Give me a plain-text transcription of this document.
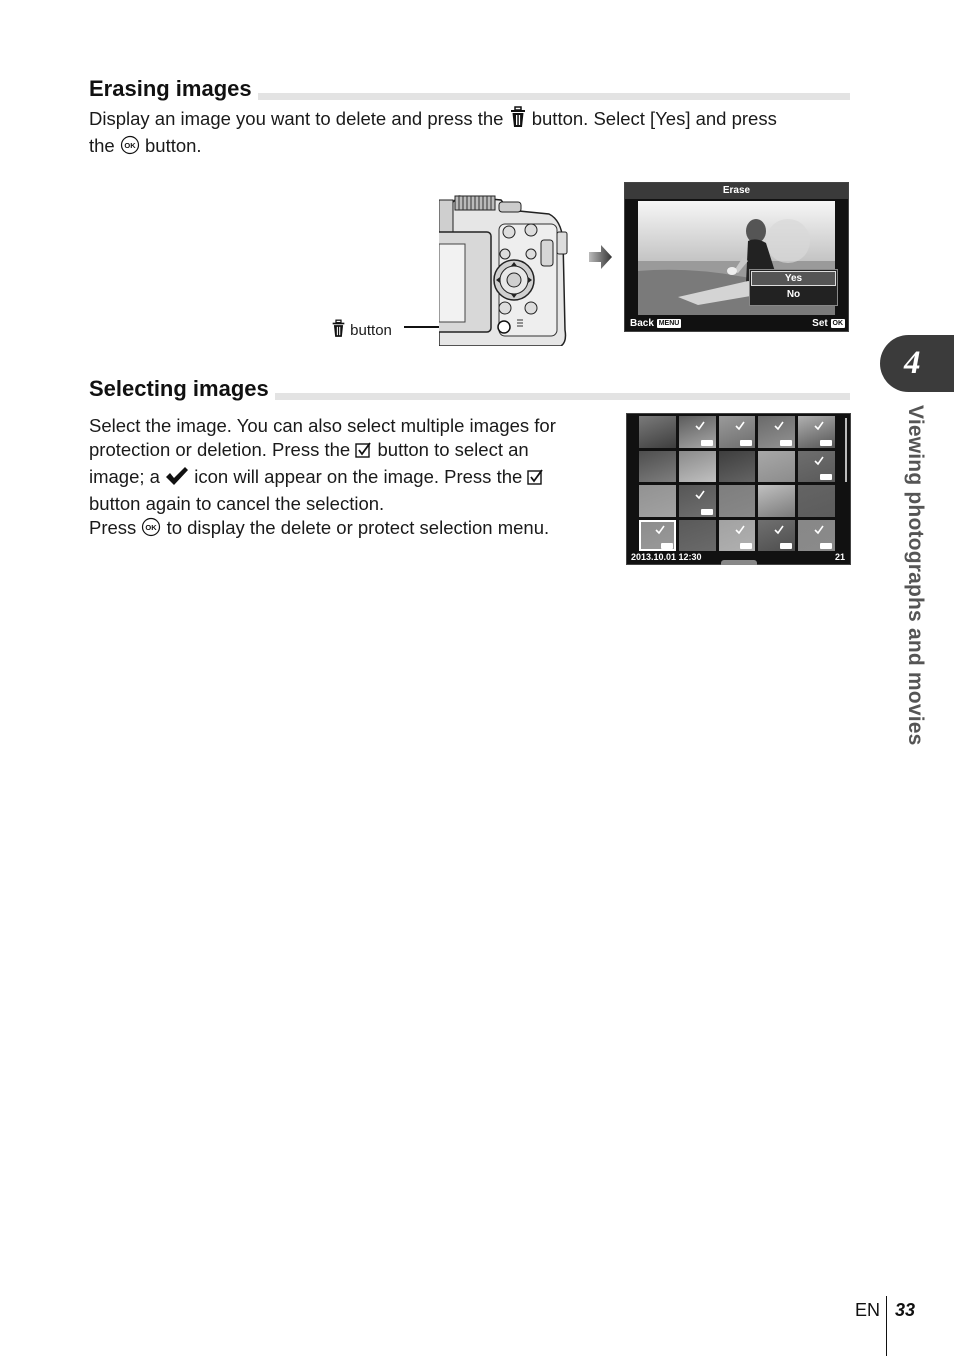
Erasing images
Display an image you want to delete and press the button. Select [Yes] and press
the OK button.
button
Erase
Yes
No
Back MENU	Set OK
Selecting images
Select the image. You can also select multiple images for
protection or deletion. Press the button to select an
image; a icon will appear on the image. Press the
button again to cancel the selection.
Press OK to display the delete or protect selection menu.
2013.10.01 12:30	21
4
Viewing photographs and movies
EN 33
